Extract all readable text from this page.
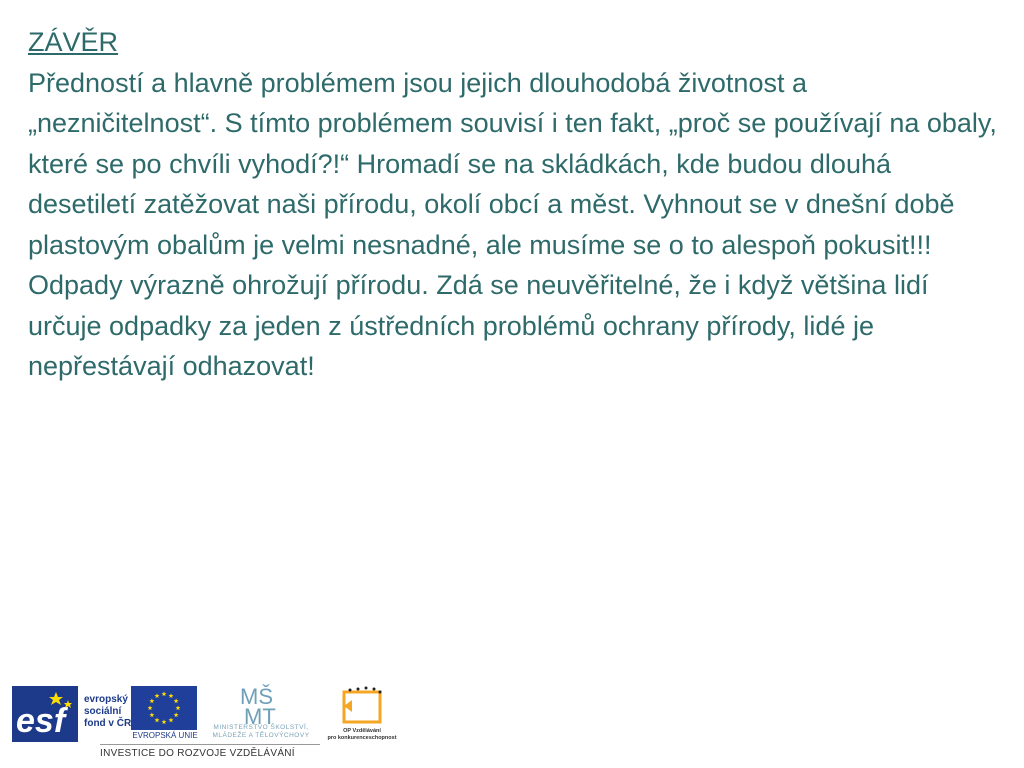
ZÁVĚR

Předností a hlavně problémem jsou jejich dlouhodobá životnost a „nezničitelnost“. S tímto problémem souvisí i ten fakt, „proč se používají na obaly, které se po chvíli vyhodí?!“ Hromadí se na skládkách, kde budou dlouhá desetiletí zatěžovat naši přírodu, okolí obcí a měst. Vyhnout se v dnešní době plastovým obalům je velmi nesnadné, ale musíme se o to alespoň pokusit!!!

Odpady výrazně ohrožují přírodu. Zdá se neuvěřitelné, že i když většina lidí určuje odpadky za jeden z ústředních problémů ochrany přírody, lidé je nepřestávají odhazovat!

esf
evropský
sociální
fond v ČR
EVROPSKÁ UNIE
MŠ
MT
MINISTERSTVO ŠKOLSTVÍ,
MLÁDEŽE A TĚLOVÝCHOVY
OP Vzdělávání
pro konkurenceschopnost
INVESTICE DO ROZVOJE VZDĚLÁVÁNÍ
